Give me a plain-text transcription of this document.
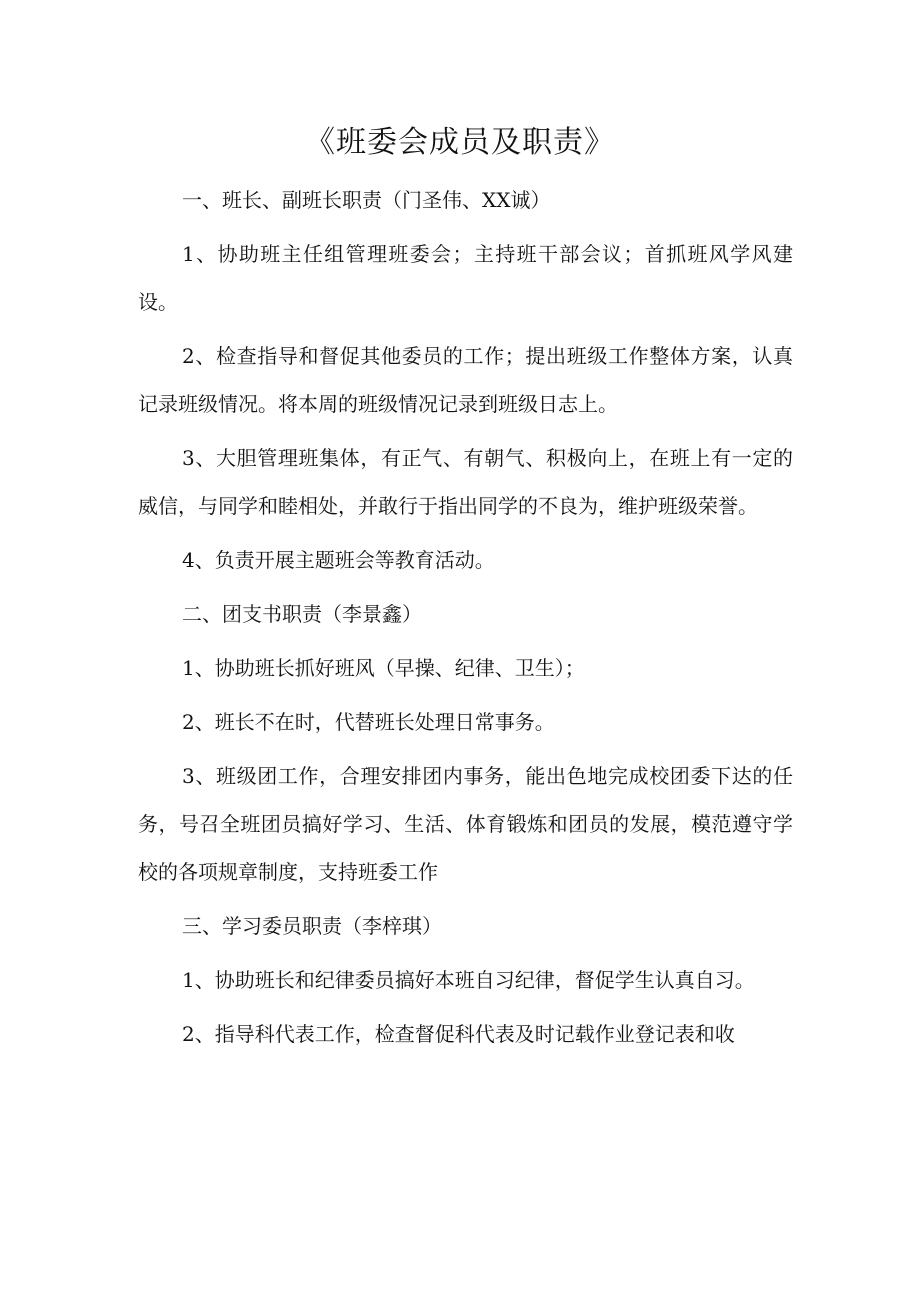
《班委会成员及职责》

一、班长、副班长职责（门圣伟、XX诚）

1、协助班主任组管理班委会；主持班干部会议；首抓班风学风建设。

2、检查指导和督促其他委员的工作；提出班级工作整体方案，认真记录班级情况。将本周的班级情况记录到班级日志上。

3、大胆管理班集体，有正气、有朝气、积极向上，在班上有一定的威信，与同学和睦相处，并敢行于指出同学的不良为，维护班级荣誉。

4、负责开展主题班会等教育活动。

二、团支书职责（李景鑫）

1、协助班长抓好班风（早操、纪律、卫生）；

2、班长不在时，代替班长处理日常事务。

3、班级团工作，合理安排团内事务，能出色地完成校团委下达的任务，号召全班团员搞好学习、生活、体育锻炼和团员的发展，模范遵守学校的各项规章制度，支持班委工作

三、学习委员职责（李梓琪）

1、协助班长和纪律委员搞好本班自习纪律，督促学生认真自习。

2、指导科代表工作，检查督促科代表及时记载作业登记表和收
